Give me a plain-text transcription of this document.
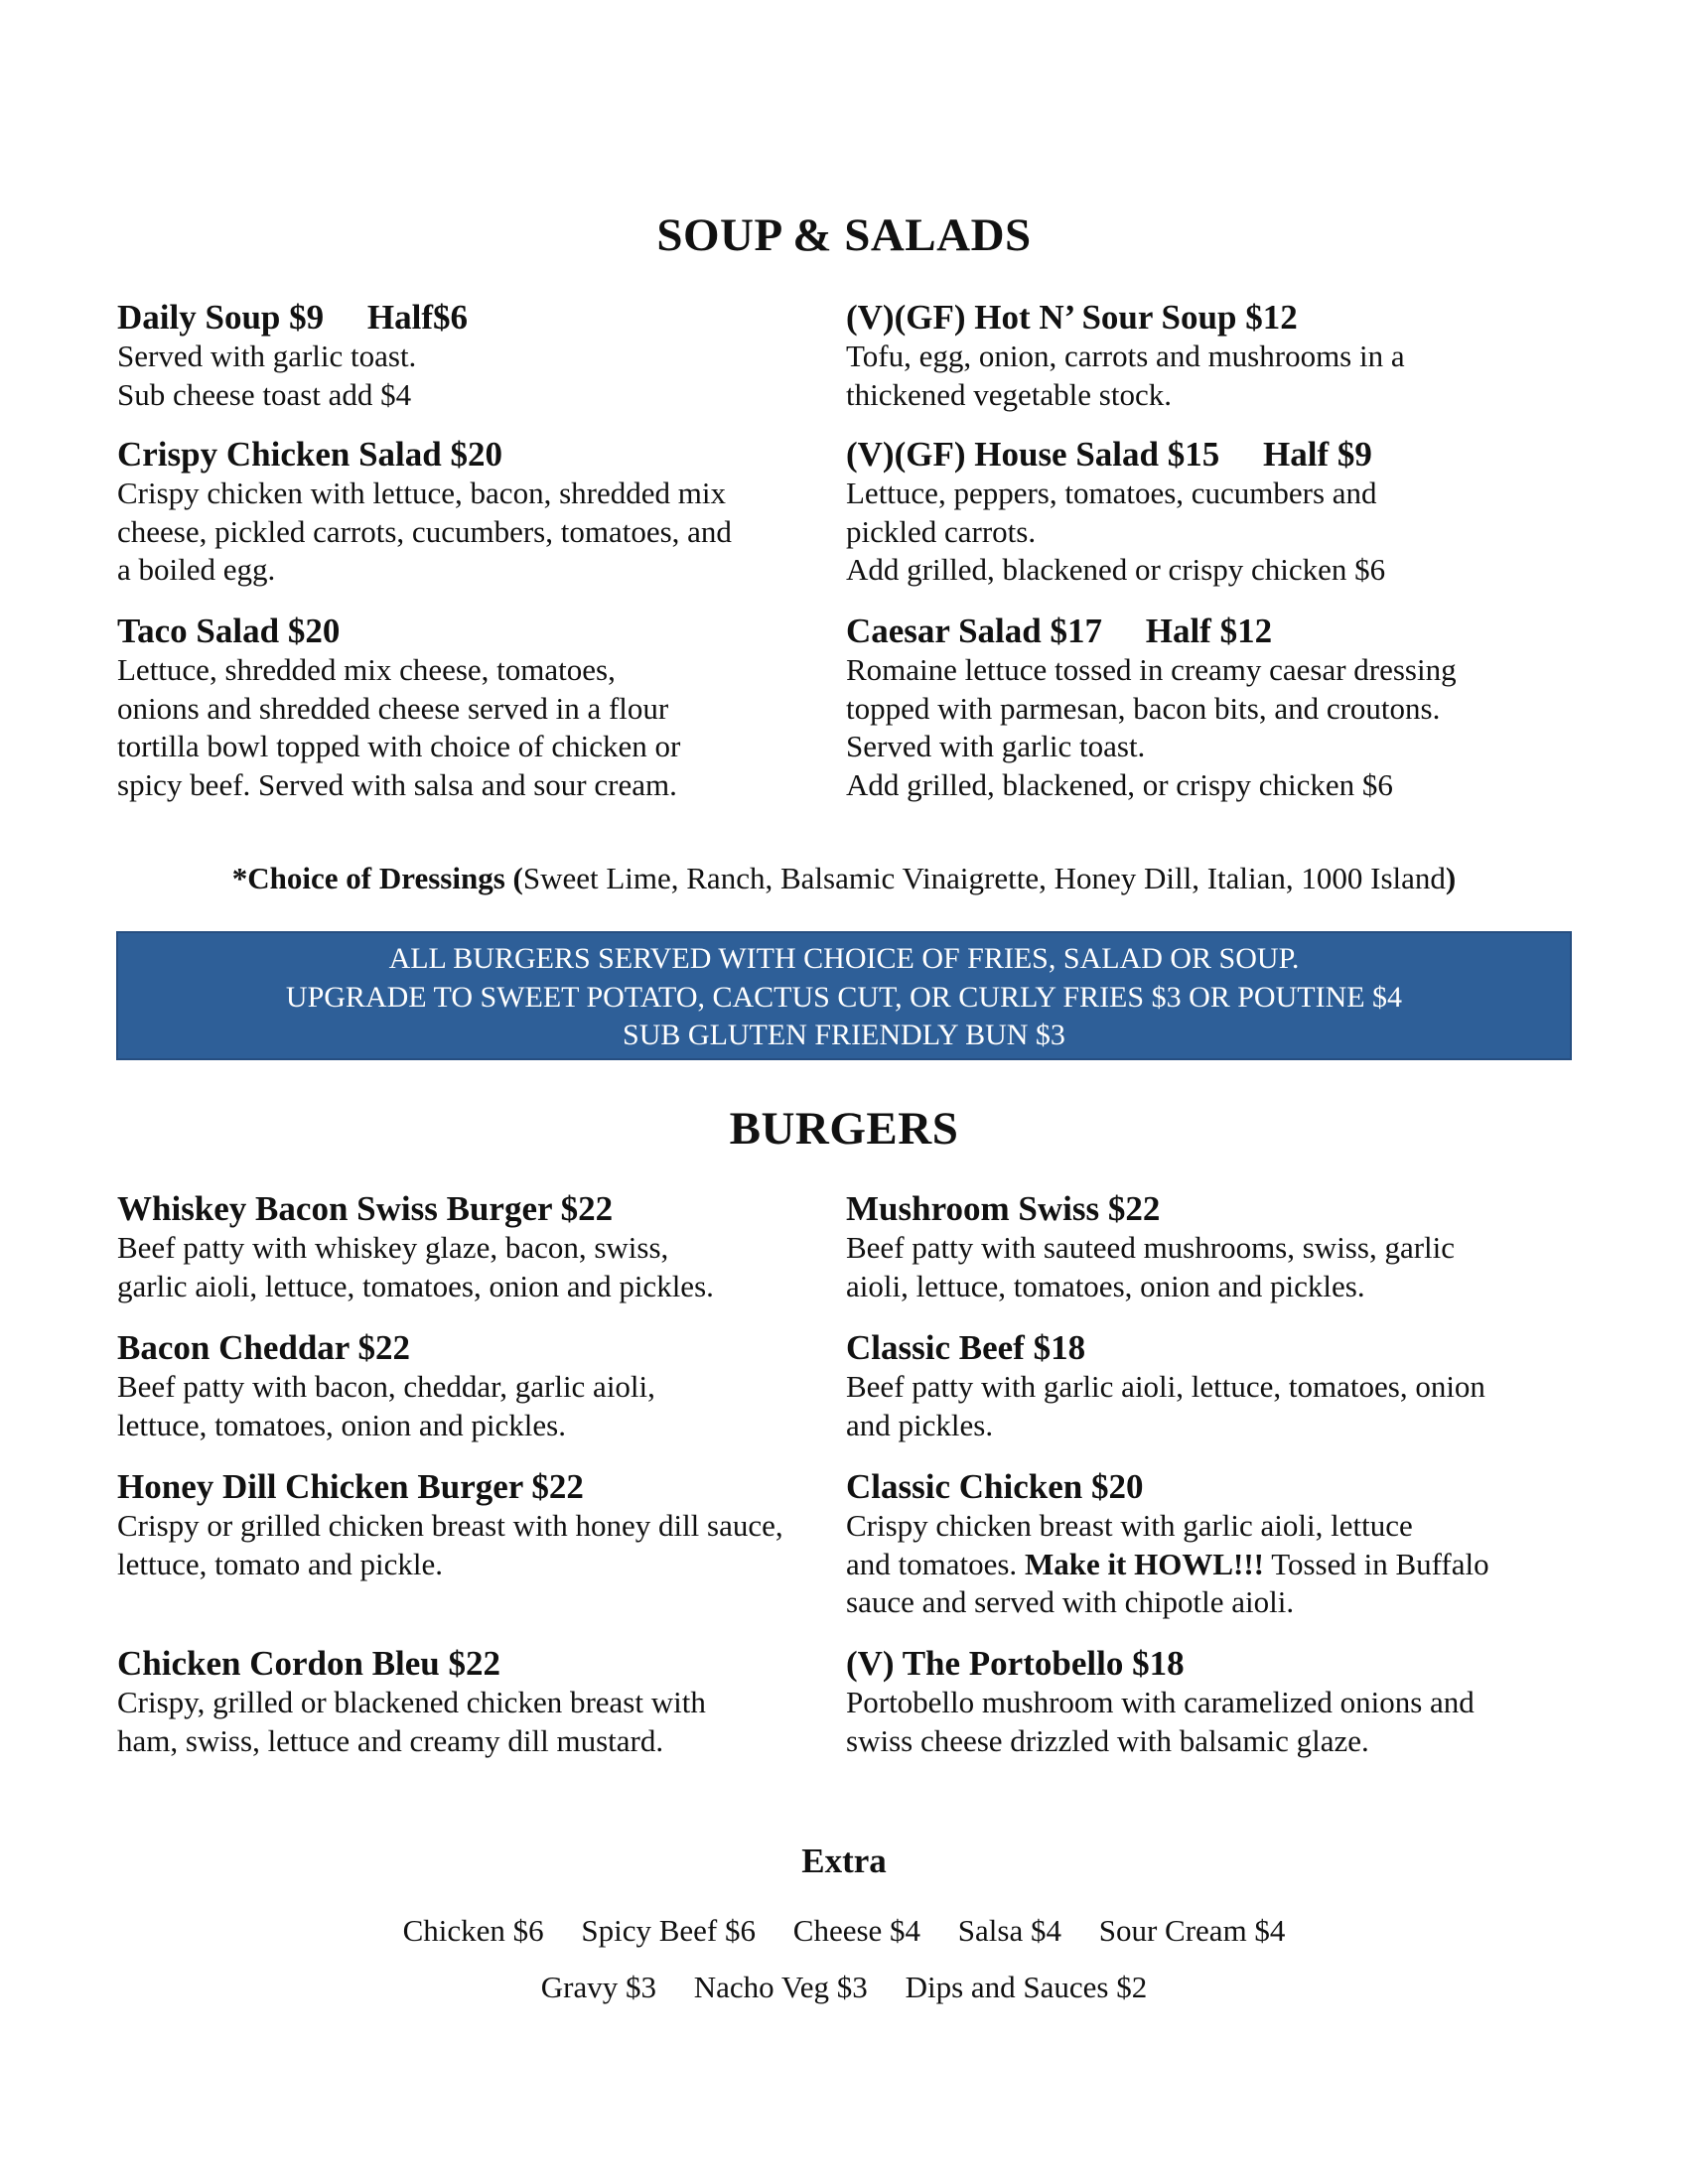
SOUP & SALADS
Daily Soup $9     Half$6
Served with garlic toast.
Sub cheese toast add $4
Crispy Chicken Salad $20
Crispy chicken with lettuce, bacon, shredded mix
cheese, pickled carrots, cucumbers, tomatoes, and
a boiled egg.
Taco Salad $20
Lettuce, shredded mix cheese, tomatoes,
onions and shredded cheese served in a flour
tortilla bowl topped with choice of chicken or
spicy beef. Served with salsa and sour cream.
(V)(GF) Hot N’ Sour Soup $12
Tofu, egg, onion, carrots and mushrooms in a
thickened vegetable stock.
(V)(GF) House Salad $15     Half $9
Lettuce, peppers, tomatoes, cucumbers and
pickled carrots.
Add grilled, blackened or crispy chicken $6
Caesar Salad $17     Half $12
Romaine lettuce tossed in creamy caesar dressing
topped with parmesan, bacon bits, and croutons.
Served with garlic toast.
Add grilled, blackened, or crispy chicken $6
*Choice of Dressings (Sweet Lime, Ranch, Balsamic Vinaigrette, Honey Dill, Italian, 1000 Island)
ALL BURGERS SERVED WITH CHOICE OF FRIES, SALAD OR SOUP.
UPGRADE TO SWEET POTATO, CACTUS CUT, OR CURLY FRIES $3 OR POUTINE $4
SUB GLUTEN FRIENDLY BUN $3
BURGERS
Whiskey Bacon Swiss Burger $22
Beef patty with whiskey glaze, bacon, swiss,
garlic aioli, lettuce, tomatoes, onion and pickles.
Bacon Cheddar $22
Beef patty with bacon, cheddar, garlic aioli,
lettuce, tomatoes, onion and pickles.
Honey Dill Chicken Burger $22
Crispy or grilled chicken breast with honey dill sauce,
lettuce, tomato and pickle.
Chicken Cordon Bleu $22
Crispy, grilled or blackened chicken breast with
ham, swiss, lettuce and creamy dill mustard.
Mushroom Swiss $22
Beef patty with sauteed mushrooms, swiss, garlic
aioli, lettuce, tomatoes, onion and pickles.
Classic Beef $18
Beef patty with garlic aioli, lettuce, tomatoes, onion
and pickles.
Classic Chicken $20
Crispy chicken breast with garlic aioli, lettuce
and tomatoes. Make it HOWL!!! Tossed in Buffalo
sauce and served with chipotle aioli.
(V) The Portobello $18
Portobello mushroom with caramelized onions and
swiss cheese drizzled with balsamic glaze.
Extra
Chicken $6 Spicy Beef $6 Cheese $4 Salsa $4 Sour Cream $4
Gravy $3 Nacho Veg $3 Dips and Sauces $2
